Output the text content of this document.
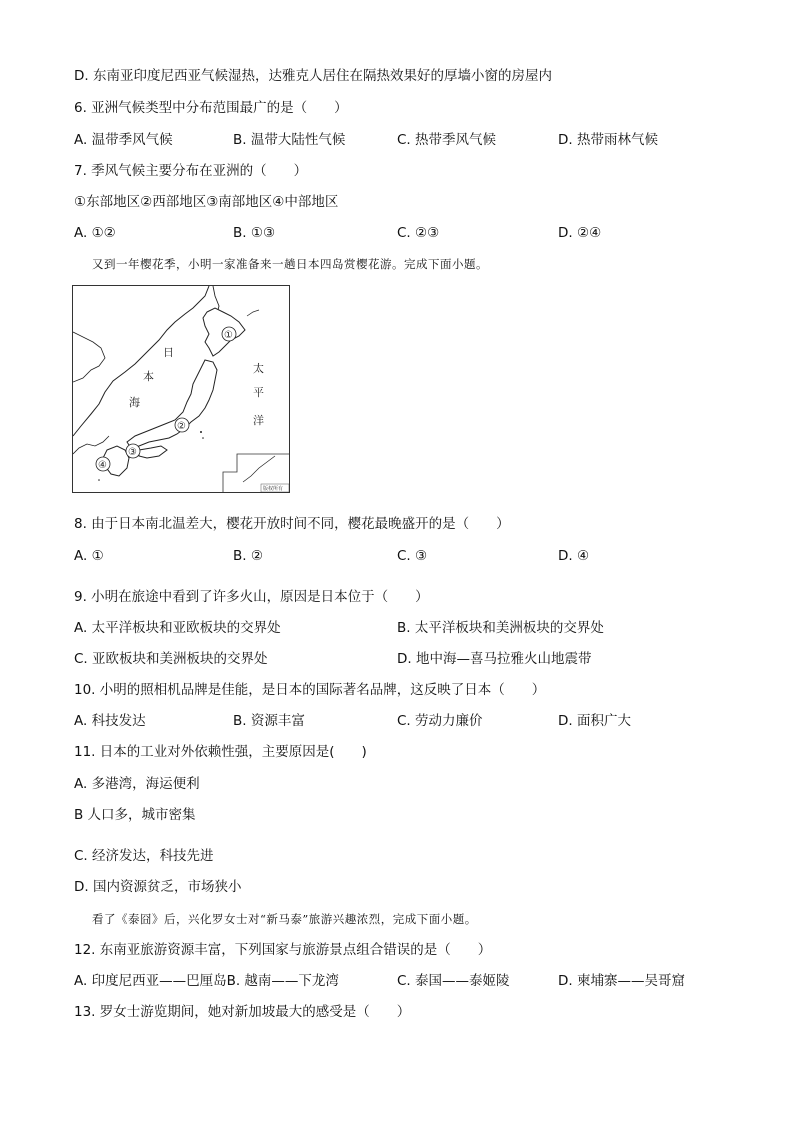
D. 东南亚印度尼西亚气候湿热，达雅克人居住在隔热效果好的厚墙小窗的房屋内
6. 亚洲气候类型中分布范围最广的是（　　）
A. 温带季风气候	B. 温带大陆性气候	C. 热带季风气候	D. 热带雨林气候
7. 季风气候主要分布在亚洲的（　　）
①东部地区②西部地区③南部地区④中部地区
A. ①②	B. ①③	C. ②③	D. ②④
又到一年樱花季，小明一家准备来一趟日本四岛赏樱花游。完成下面小题。
版权所有
日
本
海
太
平
洋
①
②
③
④
8. 由于日本南北温差大，樱花开放时间不同，樱花最晚盛开的是（　　）
A. ①	B. ②	C. ③	D. ④
9. 小明在旅途中看到了许多火山，原因是日本位于（　　）
A. 太平洋板块和亚欧板块的交界处	B. 太平洋板块和美洲板块的交界处
C. 亚欧板块和美洲板块的交界处	D. 地中海—喜马拉雅火山地震带
10. 小明的照相机品牌是佳能，是日本的国际著名品牌，这反映了日本（　　）
A. 科技发达	B. 资源丰富	C. 劳动力廉价	D. 面积广大
11. 日本的工业对外依赖性强，主要原因是(　　)
A. 多港湾，海运便利
B 人口多，城市密集
C. 经济发达，科技先进
D. 国内资源贫乏，市场狭小
看了《泰囧》后，兴化罗女士对“新马泰”旅游兴趣浓烈，完成下面小题。
12. 东南亚旅游资源丰富，下列国家与旅游景点组合错误的是（　　）
A. 印度尼西亚——巴厘岛B. 越南——下龙湾	C. 泰国——泰姬陵	D. 柬埔寨——吴哥窟
13. 罗女士游览期间，她对新加坡最大的感受是（　　）
